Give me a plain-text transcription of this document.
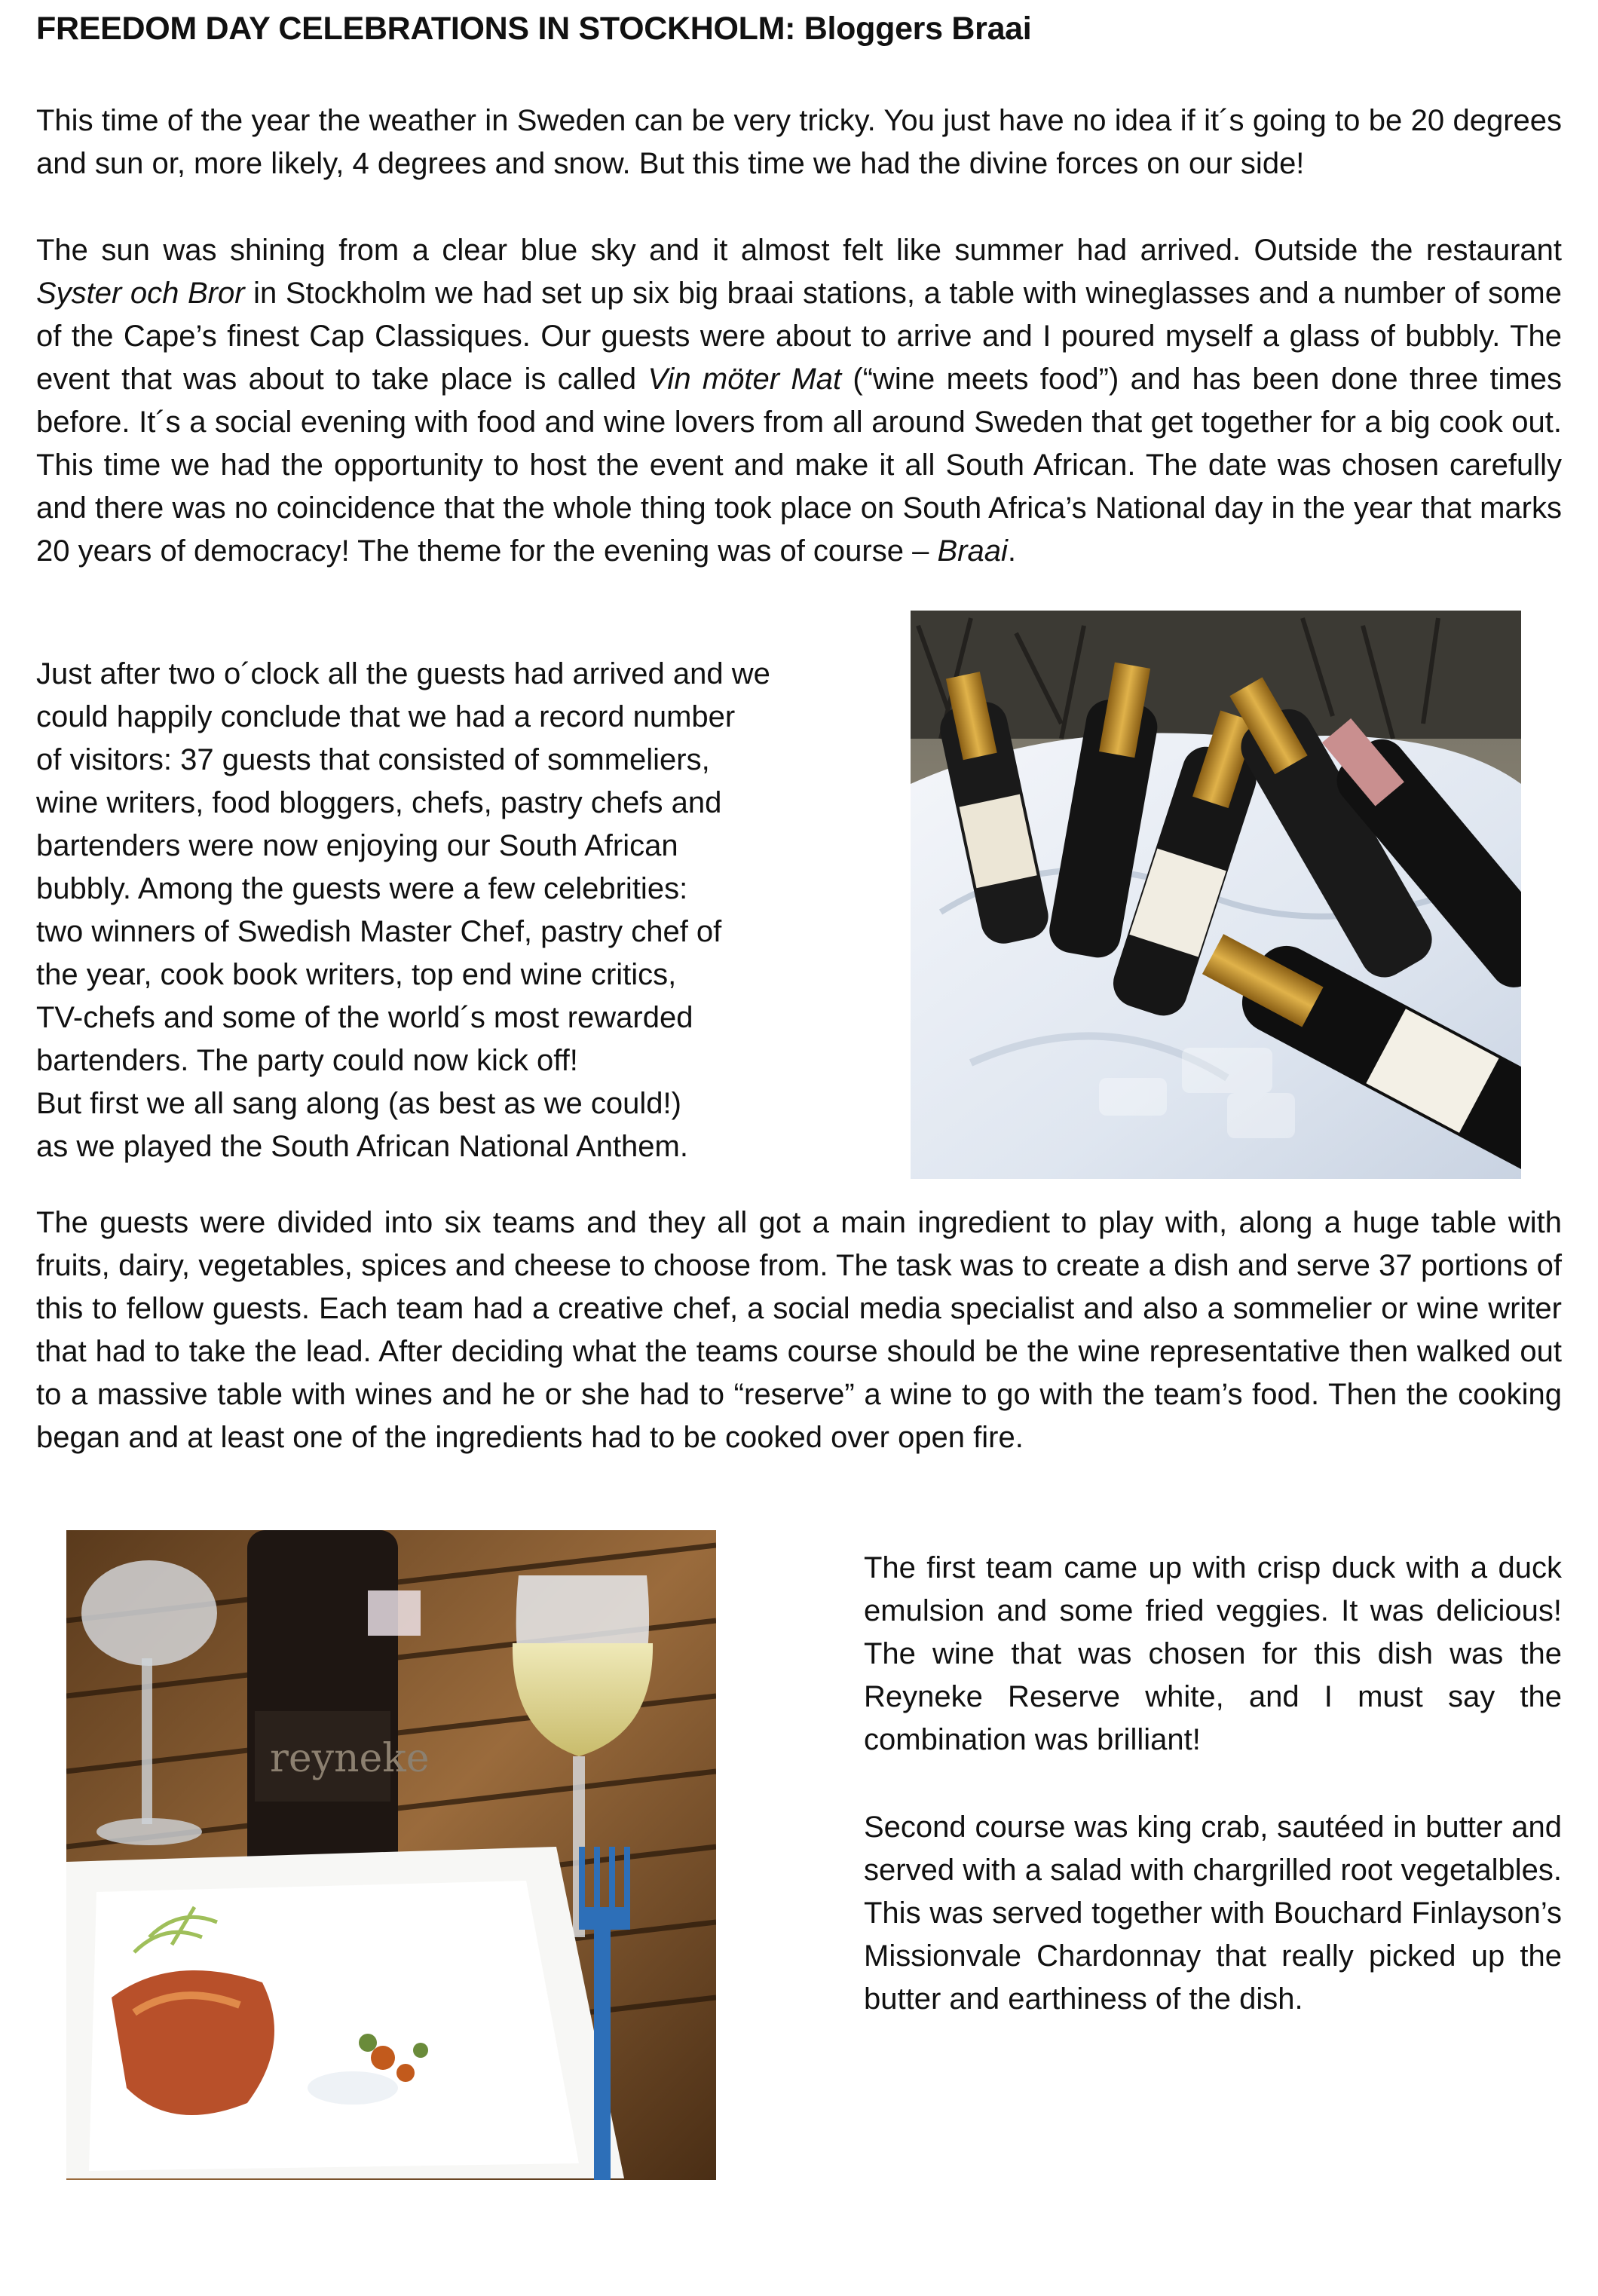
FREEDOM DAY CELEBRATIONS IN STOCKHOLM: Bloggers Braai

This time of the year the weather in Sweden can be very tricky. You just have no idea if it´s going to be 20 degrees and sun or, more likely, 4 degrees and snow. But this time we had the divine forces on our side!

The sun was shining from a clear blue sky and it almost felt like summer had arrived. Outside the restaurant Syster och Bror in Stockholm we had set up six big braai stations, a table with wineglasses and a number of some of the Cape’s finest Cap Classiques. Our guests were about to arrive and I poured myself a glass of bubbly. The event that was about to take place is called Vin möter Mat (“wine meets food”) and has been done three times before. It´s a social evening with food and wine lovers from all around Sweden that get together for a big cook out. This time we had the opportunity to host the event and make it all South African. The date was chosen carefully and there was no coincidence that the whole thing took place on South Africa’s National day in the year that marks 20 years of democracy! The theme for the evening was of course – Braai.

Just after two o´clock all the guests had arrived and we
could happily conclude that we had a record number
of visitors: 37 guests that consisted of sommeliers,
wine writers, food bloggers, chefs, pastry chefs and
bartenders were now enjoying our South African
bubbly. Among the guests were a few celebrities:
two winners of Swedish Master Chef, pastry chef of
the year, cook book writers, top end wine critics,
TV-chefs and some of the world´s most rewarded
bartenders. The party could now kick off!
But first we all sang along (as best as we could!)
as we played the South African National Anthem.

The guests were divided into six teams and they all got a main ingredient to play with, along a huge table with fruits, dairy, vegetables, spices and cheese to choose from. The task was to create a dish and serve 37 portions of this to fellow guests. Each team had a creative chef, a social media specialist and also a sommelier or wine writer that had to take the lead. After deciding what the teams course should be the wine representative then walked out to a massive table with wines and he or she had to “reserve” a wine to go with the team’s food. Then the cooking began and at least one of the ingredients had to be cooked over open fire.

reyneke

The first team came up with crisp duck with a duck emulsion and some fried veggies. It was delicious! The wine that was chosen for this dish was the Reyneke Reserve white, and I must say the combination was brilliant!

Second course was king crab, sautéed in butter and served with a salad with chargrilled root vegetalbles. This was served together with Bouchard Finlayson’s Missionvale Chardonnay that really picked up the butter and earthiness of the dish.
